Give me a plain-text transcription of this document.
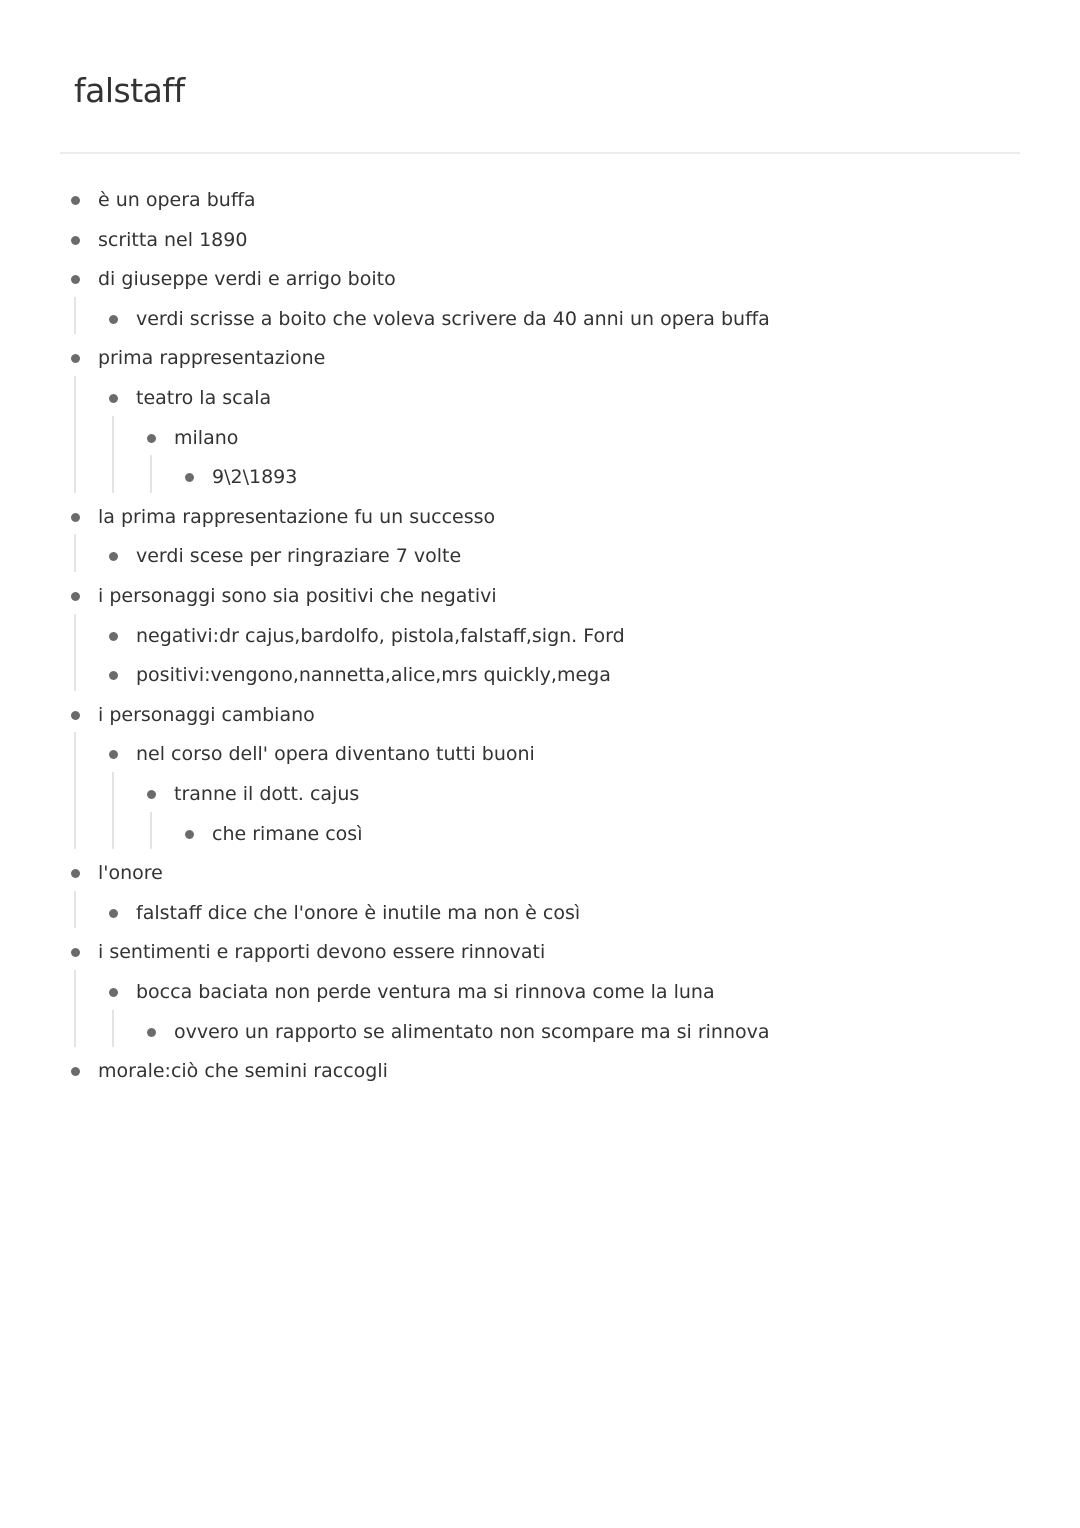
falstaff
è un opera buffa
scritta nel 1890
di giuseppe verdi e arrigo boito
verdi scrisse a boito che voleva scrivere da 40 anni un opera buffa
prima rappresentazione
teatro la scala
milano
9\2\1893
la prima rappresentazione fu un successo
verdi scese per ringraziare 7 volte
i personaggi sono sia positivi che negativi
negativi:dr cajus,bardolfo, pistola,falstaff,sign. Ford
positivi:vengono,nannetta,alice,mrs quickly,mega
i personaggi cambiano
nel corso dell' opera diventano tutti buoni
tranne il dott. cajus
che rimane così
l'onore
falstaff dice che l'onore è inutile ma non è così
i sentimenti e rapporti devono essere rinnovati
bocca baciata non perde ventura ma si rinnova come la luna
ovvero un rapporto se alimentato non scompare ma si rinnova
morale:ciò che semini raccogli
